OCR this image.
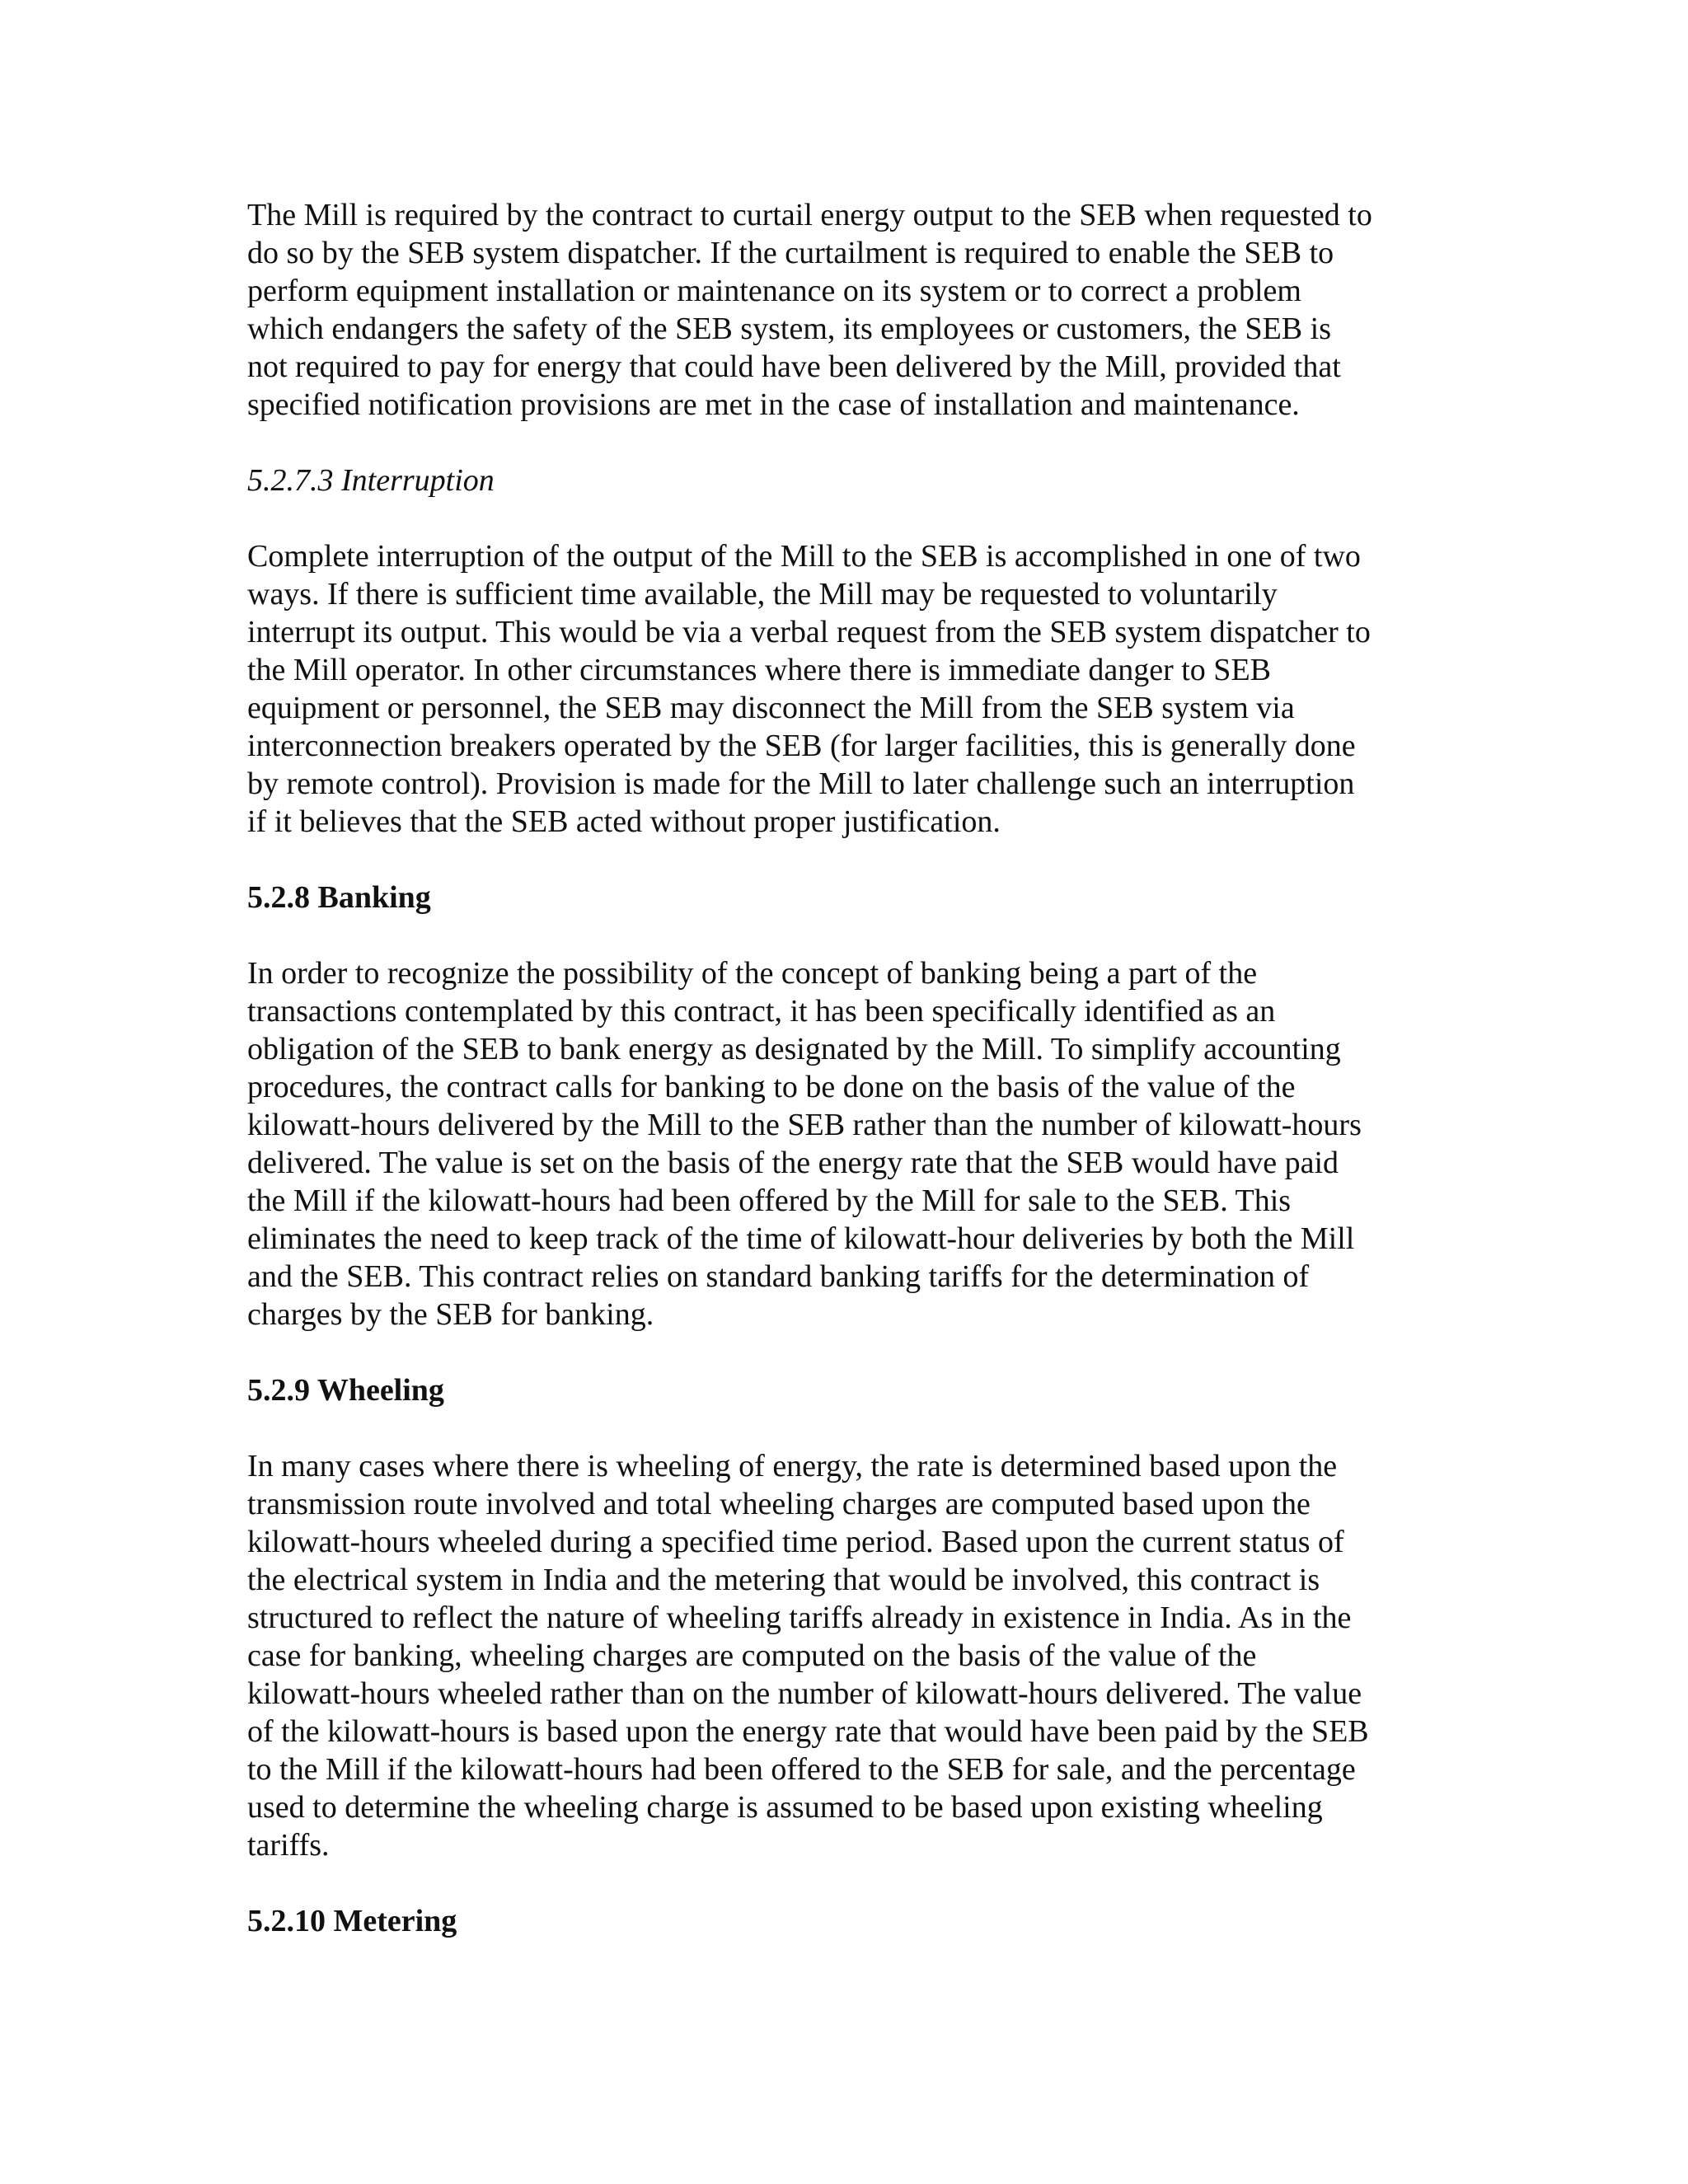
The Mill is required by the contract to curtail energy output to the SEB when requested to
do so by the SEB system dispatcher. If the curtailment is required to enable the SEB to
perform equipment installation or maintenance on its system or to correct a problem
which endangers the safety of the SEB system, its employees or customers, the SEB is
not required to pay for energy that could have been delivered by the Mill, provided that
specified notification provisions are met in the case of installation and maintenance.

5.2.7.3 Interruption

Complete interruption of the output of the Mill to the SEB is accomplished in one of two
ways. If there is sufficient time available, the Mill may be requested to voluntarily
interrupt its output. This would be via a verbal request from the SEB system dispatcher to
the Mill operator. In other circumstances where there is immediate danger to SEB
equipment or personnel, the SEB may disconnect the Mill from the SEB system via
interconnection breakers operated by the SEB (for larger facilities, this is generally done
by remote control). Provision is made for the Mill to later challenge such an interruption
if it believes that the SEB acted without proper justification.

5.2.8 Banking

In order to recognize the possibility of the concept of banking being a part of the
transactions contemplated by this contract, it has been specifically identified as an
obligation of the SEB to bank energy as designated by the Mill. To simplify accounting
procedures, the contract calls for banking to be done on the basis of the value of the
kilowatt-hours delivered by the Mill to the SEB rather than the number of kilowatt-hours
delivered. The value is set on the basis of the energy rate that the SEB would have paid
the Mill if the kilowatt-hours had been offered by the Mill for sale to the SEB. This
eliminates the need to keep track of the time of kilowatt-hour deliveries by both the Mill
and the SEB. This contract relies on standard banking tariffs for the determination of
charges by the SEB for banking.

5.2.9 Wheeling

In many cases where there is wheeling of energy, the rate is determined based upon the
transmission route involved and total wheeling charges are computed based upon the
kilowatt-hours wheeled during a specified time period. Based upon the current status of
the electrical system in India and the metering that would be involved, this contract is
structured to reflect the nature of wheeling tariffs already in existence in India. As in the
case for banking, wheeling charges are computed on the basis of the value of the
kilowatt-hours wheeled rather than on the number of kilowatt-hours delivered. The value
of the kilowatt-hours is based upon the energy rate that would have been paid by the SEB
to the Mill if the kilowatt-hours had been offered to the SEB for sale, and the percentage
used to determine the wheeling charge is assumed to be based upon existing wheeling
tariffs.

5.2.10 Metering
